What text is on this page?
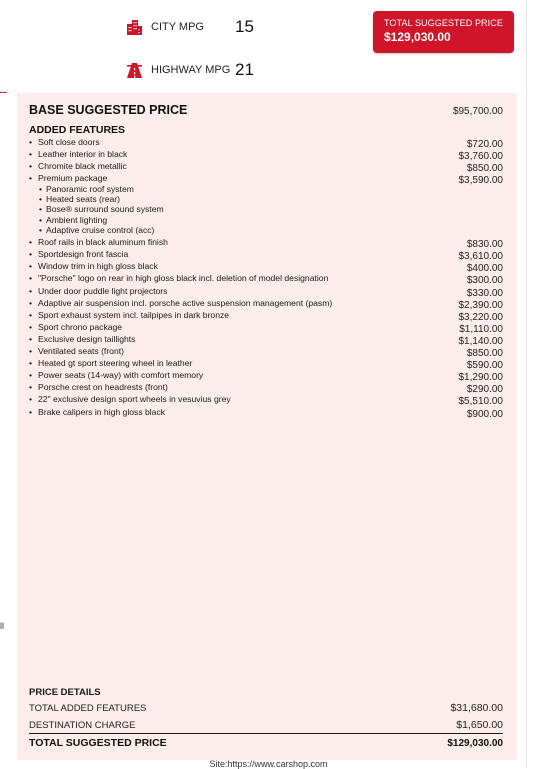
ll
CITY MPG	15
HIGHWAY MPG 21
TOTAL SUGGESTED PRICE
$129,030.00
BASE SUGGESTED PRICE	$95,700.00
ADDED FEATURES
• Soft close doors	$720.00
• Leather interior in black	$3,760.00
• Chromite black metallic	$850.00
• Premium package	$3,590.00
• Panoramic roof system
• Heated seats (rear)
• Bose® surround sound system
• Ambient lighting
• Adaptive cruise control (acc)
• Roof rails in black aluminum finish	$830.00
• Sportdesign front fascia	$3,610.00
• Window trim in high gloss black	$400.00
• "Porsche" logo on rear in high gloss black incl. deletion of model designation	$300.00
• Under door puddle light projectors	$330.00
• Adaptive air suspension incl. porsche active suspension management (pasm)	$2,390.00
• Sport exhaust system incl. tailpipes in dark bronze	$3,220.00
• Sport chrono package	$1,110.00
• Exclusive design taillights	$1,140.00
• Ventilated seats (front)	$850.00
• Heated gt sport steering wheel in leather	$590.00
• Power seats (14-way) with comfort memory	$1,290.00
• Porsche crest on headrests (front)	$290.00
• 22" exclusive design sport wheels in vesuvius grey	$5,510.00
• Brake calipers in high gloss black	$900.00
PRICE DETAILS
TOTAL ADDED FEATURES	$31,680.00
DESTINATION CHARGE	$1,650.00
TOTAL SUGGESTED PRICE	$129,030.00
Site:https://www.carshop.com
